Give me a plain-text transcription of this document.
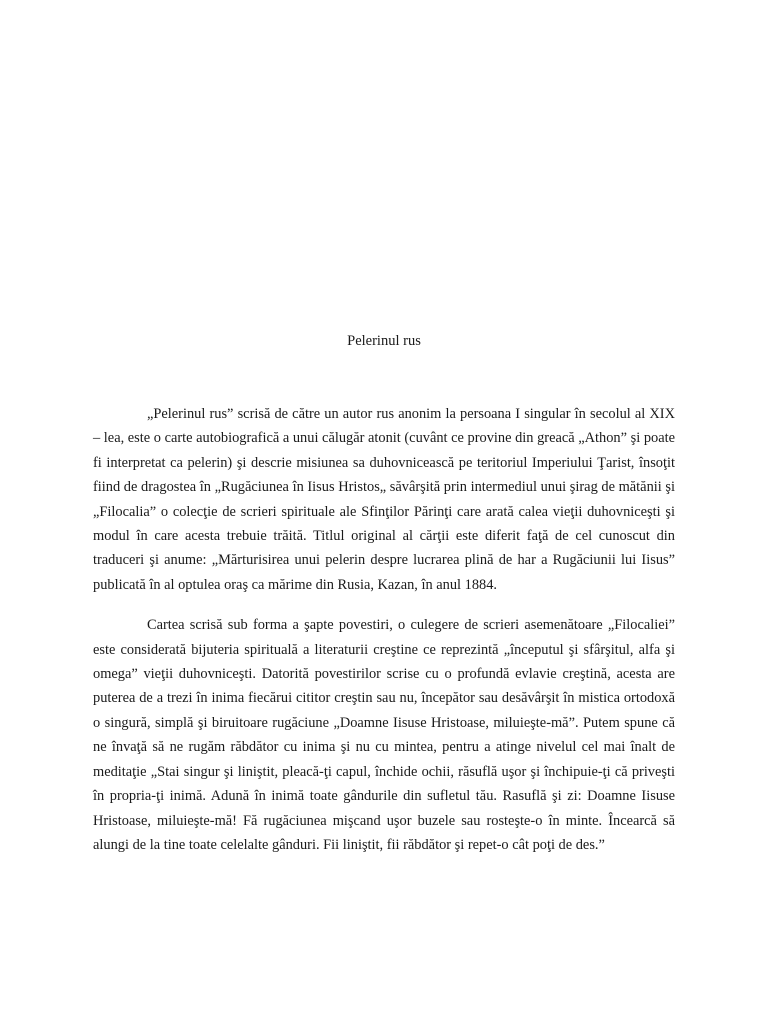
Pelerinul rus

„Pelerinul rus” scrisă de către un autor rus anonim la persoana I singular în secolul al XIX – lea, este o carte autobiografică a unui călugăr atonit (cuvânt ce provine din greacă „Athon” şi poate fi interpretat ca pelerin) şi descrie misiunea sa duhovnicească pe teritoriul Imperiului Ţarist, însoţit fiind de dragostea în „Rugăciunea în Iisus Hristos„ săvârşită prin intermediul unui şirag de mătănii şi „Filocalia” o colecţie de scrieri spirituale ale Sfinţilor Părinţi care arată calea vieţii duhovniceşti şi modul în care acesta trebuie trăită. Titlul original al cărţii este diferit faţă de cel cunoscut din traduceri şi anume: „Mărturisirea unui pelerin despre lucrarea plină de har a Rugăciunii lui Iisus” publicată în al optulea oraş ca mărime din Rusia, Kazan, în anul 1884.

Cartea scrisă sub forma a şapte povestiri, o culegere de scrieri asemenătoare „Filocaliei” este considerată bijuteria spirituală a literaturii creştine ce reprezintă „începutul şi sfârşitul, alfa şi omega” vieţii duhovniceşti. Datorită povestirilor scrise cu o profundă evlavie creştină, acesta are puterea de a trezi în inima fiecărui cititor creştin sau nu, începător sau desăvârşit în mistica ortodoxă o singură, simplă şi biruitoare rugăciune „Doamne Iisuse Hristoase, miluieşte-mă”. Putem spune că ne învaţă să ne rugăm răbdător cu inima şi nu cu mintea, pentru a atinge nivelul cel mai înalt de meditaţie „Stai singur şi liniştit, pleacă-ţi capul, închide ochii, răsuflă uşor şi închipuie-ţi că priveşti în propria-ţi inimă. Adună în inimă toate gândurile din sufletul tău. Rasuflă şi zi: Doamne Iisuse Hristoase, miluieşte-mă! Fă rugăciunea mişcand uşor buzele sau rosteşte-o în minte. Încearcă să alungi de la tine toate celelalte gânduri. Fii liniştit, fii răbdător şi repet-o cât poţi de des.”
